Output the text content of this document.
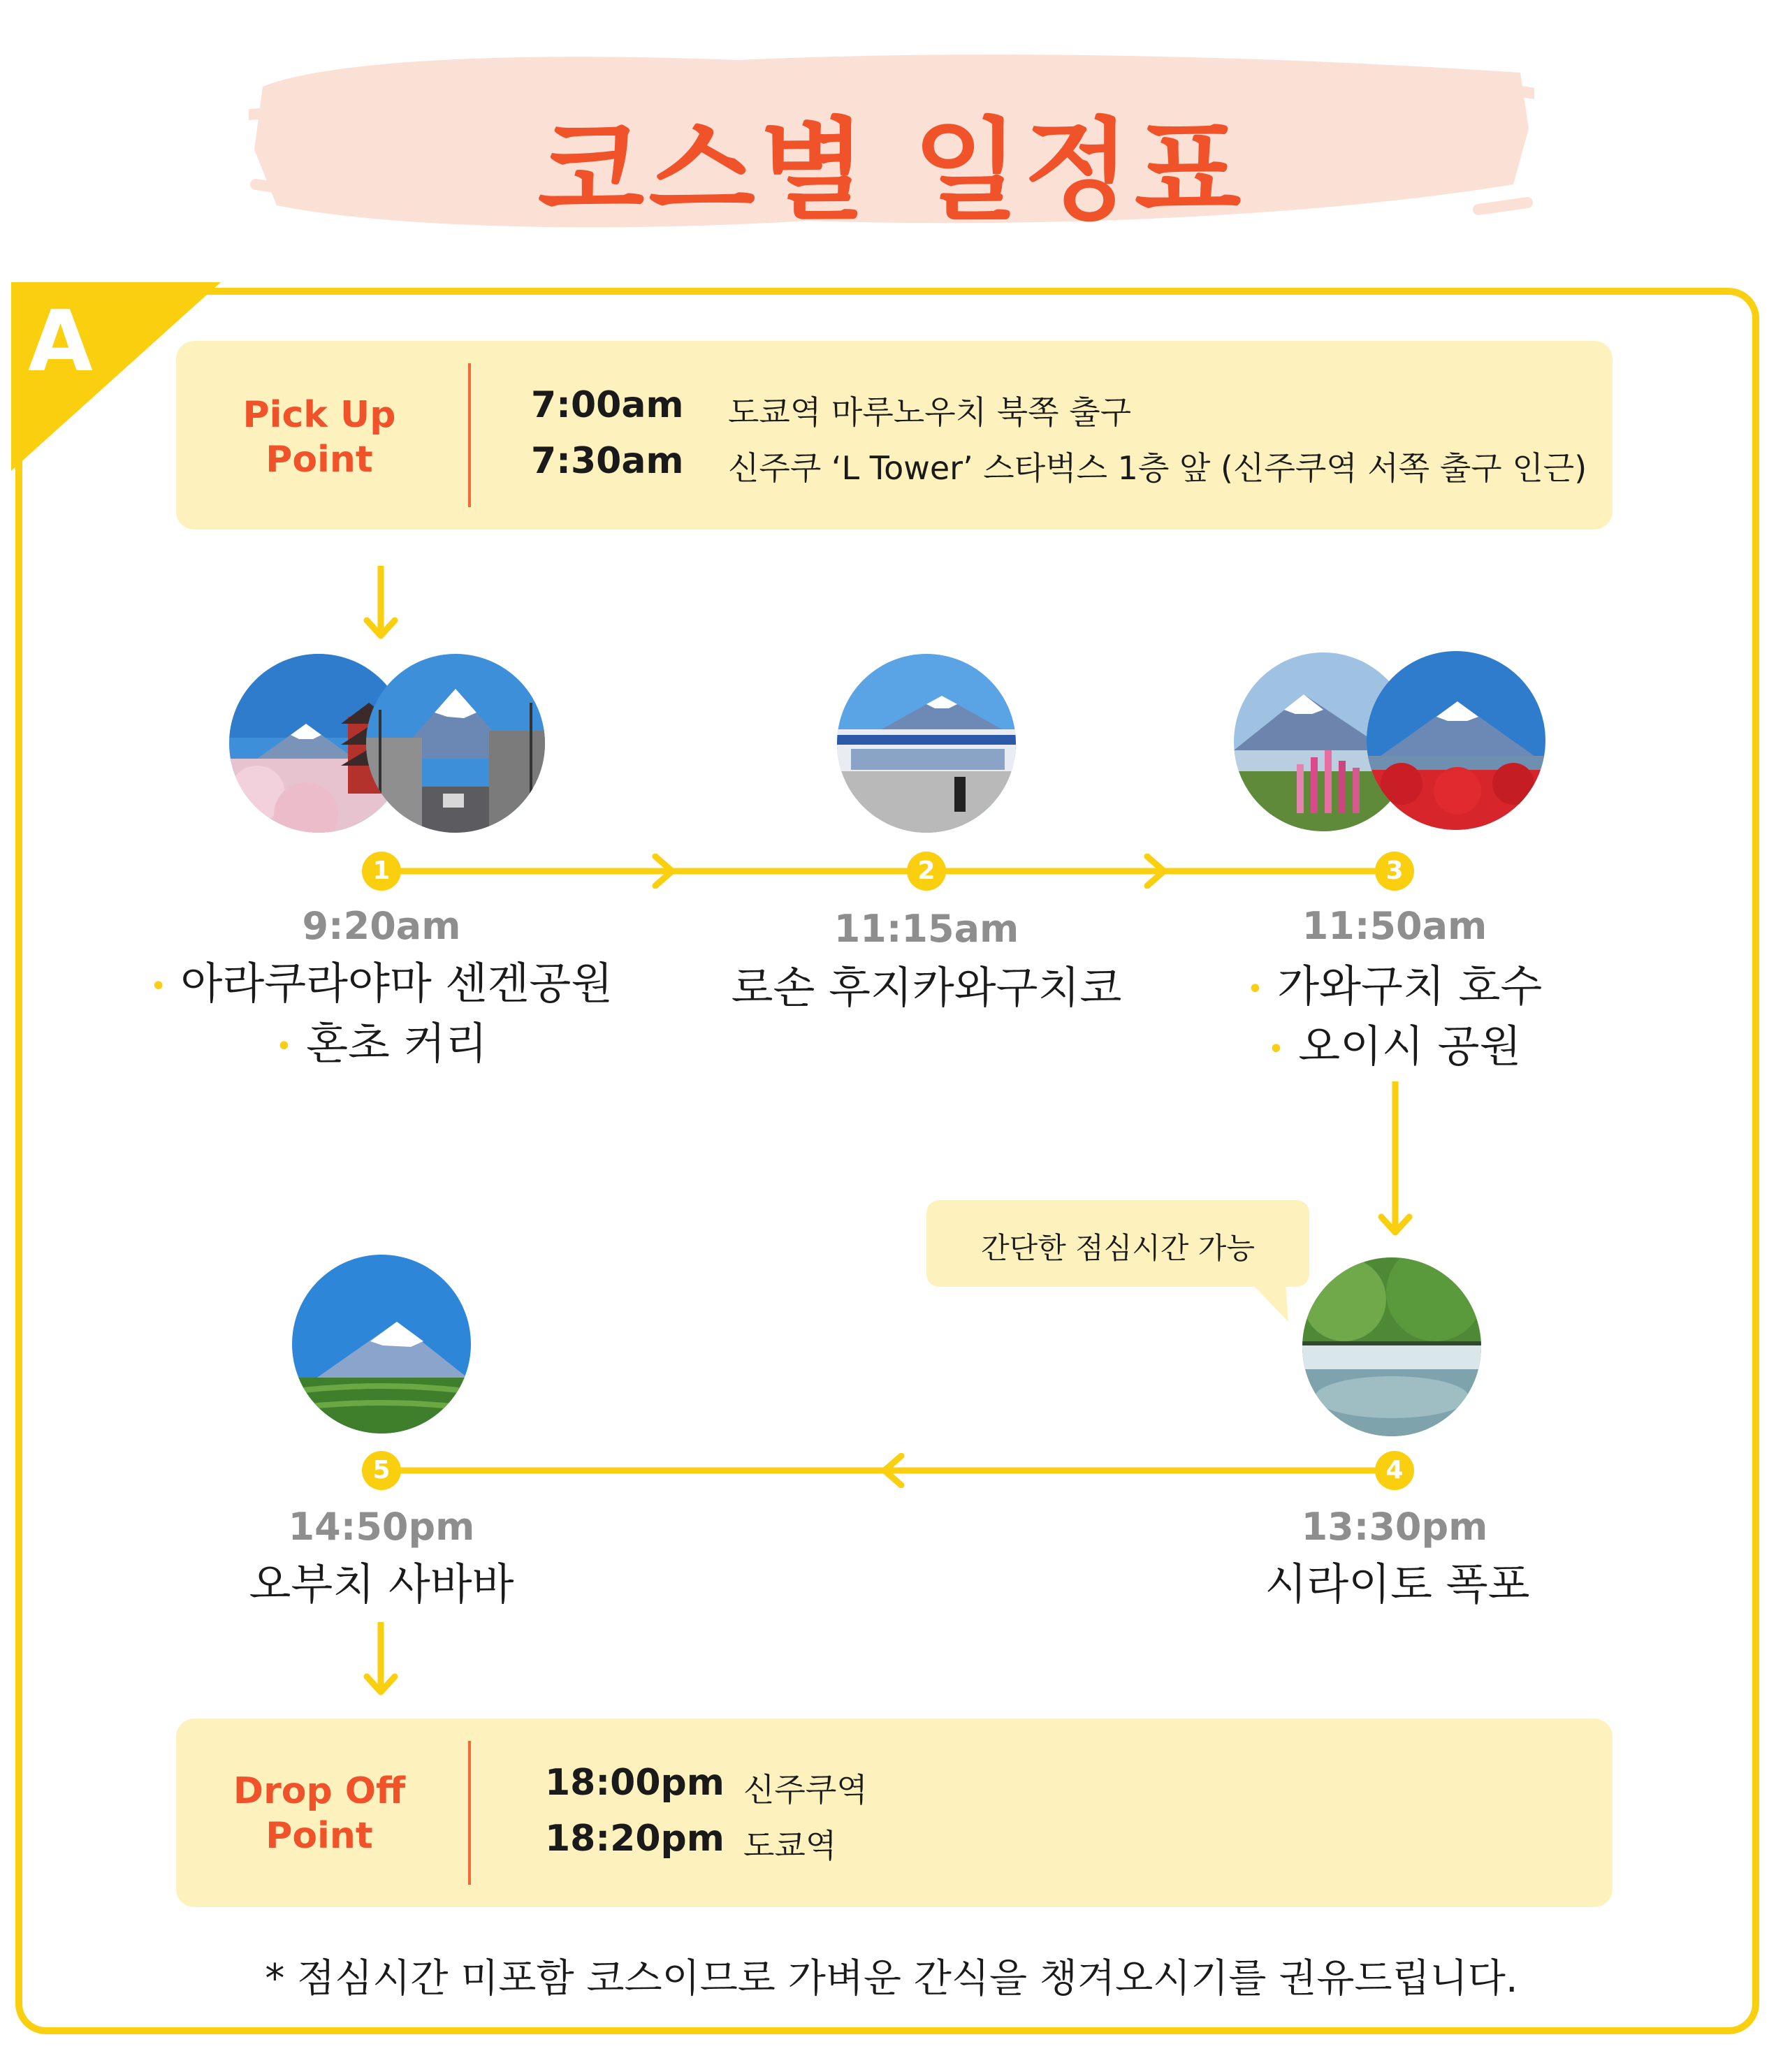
코스별 일정표
A
Pick Up
Point
7:00am 도쿄역 마루노우치 북쪽 출구
7:30am 신주쿠 ‘L Tower’ 스타벅스 1층 앞 (신주쿠역 서쪽 출구 인근)
1	2	3
9:20am
• 아라쿠라야마 센겐공원
• 혼초 커리
11:15am
로손 후지카와구치코
11:50am
• 가와구치 호수
• 오이시 공원
간단한 점심시간 가능
5	4
13:30pm
시라이토 폭포
14:50pm
오부치 사바바
Drop Off
Point
18:00pm 신주쿠역
18:20pm 도쿄역
* 점심시간 미포함 코스이므로 가벼운 간식을 챙겨오시기를 권유드립니다.
